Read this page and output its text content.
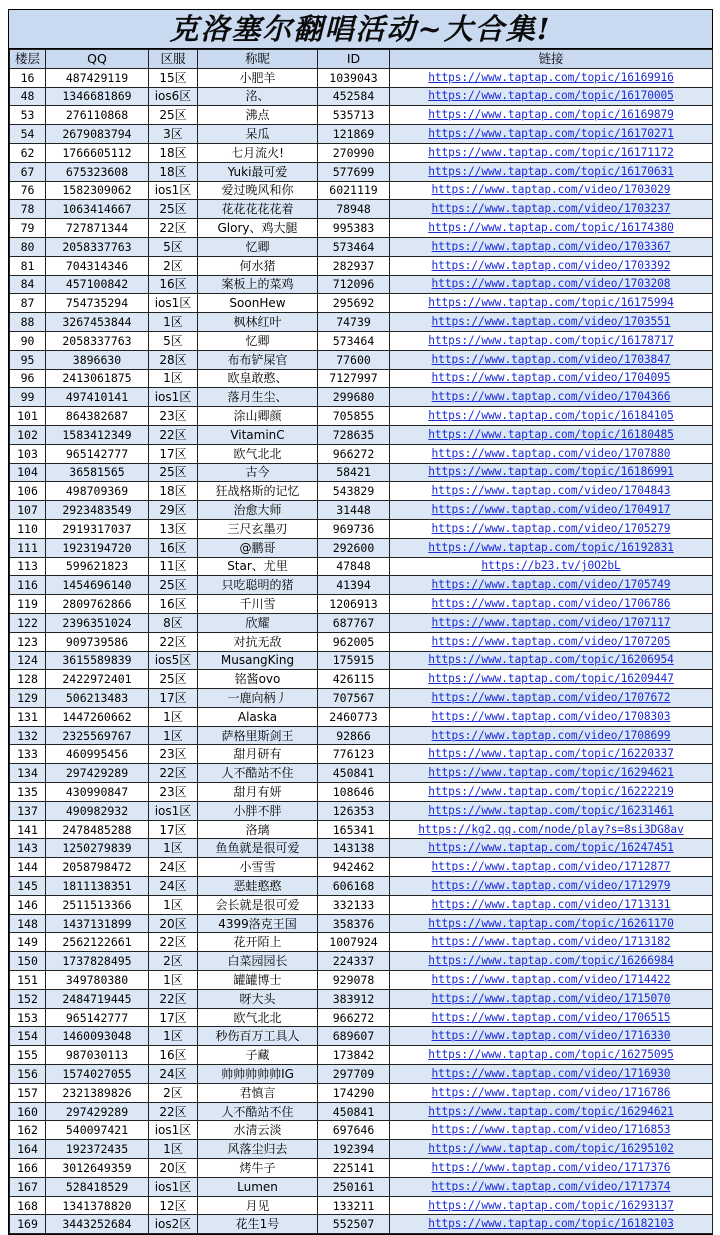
克洛塞尔翻唱活动~大合集!
楼层	QQ	区服	称昵	ID	链接
16	487429119	15区	小肥羊	1039043	https://www.taptap.com/topic/16169916
48	1346681869	ios6区	洺、	452584	https://www.taptap.com/topic/16170005
53	276110868	25区	沸点	535713	https://www.taptap.com/topic/16169879
54	2679083794	3区	呆瓜	121869	https://www.taptap.com/topic/16170271
62	1766605112	18区	七月流火!	270990	https://www.taptap.com/topic/16171172
67	675323608	18区	Yuki最可爱	577699	https://www.taptap.com/topic/16170631
76	1582309062	ios1区	爱过晚风和你	6021119	https://www.taptap.com/video/1703029
78	1063414667	25区	花花花花花着	78948	https://www.taptap.com/video/1703237
79	727871344	22区	Glory、鸡大腿	995383	https://www.taptap.com/topic/16174380
80	2058337763	5区	忆卿	573464	https://www.taptap.com/video/1703367
81	704314346	2区	何水猪	282937	https://www.taptap.com/video/1703392
84	457100842	16区	案板上的菜鸡	712096	https://www.taptap.com/video/1703208
87	754735294	ios1区	SoonHew	295692	https://www.taptap.com/topic/16175994
88	3267453844	1区	枫林红叶	74739	https://www.taptap.com/video/1703551
90	2058337763	5区	忆卿	573464	https://www.taptap.com/topic/16178717
95	3896630	28区	布布铲屎官	77600	https://www.taptap.com/video/1703847
96	2413061875	1区	欧皇敢憨、	7127997	https://www.taptap.com/video/1704095
99	497410141	ios1区	落月生尘、	299680	https://www.taptap.com/video/1704366
101	864382687	23区	涂山卿颜	705855	https://www.taptap.com/topic/16184105
102	1583412349	22区	VitaminC	728635	https://www.taptap.com/topic/16180485
103	965142777	17区	欧气北北	966272	https://www.taptap.com/video/1707880
104	36581565	25区	古今	58421	https://www.taptap.com/topic/16186991
106	498709369	18区	狂战格斯的记忆	543829	https://www.taptap.com/video/1704843
107	2923483549	29区	治愈大师	31448	https://www.taptap.com/video/1704917
110	2919317037	13区	三尺玄墨刃	969736	https://www.taptap.com/video/1705279
111	1923194720	16区	@鹏哥	292600	https://www.taptap.com/topic/16192831
113	599621823	11区	Star、尤里	47848	https://b23.tv/j0O2bL
116	1454696140	25区	只吃聪明的猪	41394	https://www.taptap.com/video/1705749
119	2809762866	16区	千川雪	1206913	https://www.taptap.com/video/1706786
122	2396351024	8区	欣耀	687767	https://www.taptap.com/video/1707117
123	909739586	22区	对抗无敌	962005	https://www.taptap.com/video/1707205
124	3615589839	ios5区	MusangKing	175915	https://www.taptap.com/topic/16206954
128	2422972401	25区	铭酱ovo	426115	https://www.taptap.com/topic/16209447
129	506213483	17区	一鹿向柄丿	707567	https://www.taptap.com/video/1707672
131	1447260662	1区	Alaska	2460773	https://www.taptap.com/video/1708303
132	2325569767	1区	萨格里斯剑王	92866	https://www.taptap.com/video/1708699
133	460995456	23区	甜月研有	776123	https://www.taptap.com/topic/16220337
134	297429289	22区	人不酷站不住	450841	https://www.taptap.com/topic/16294621
135	430990847	23区	甜月有妍	108646	https://www.taptap.com/topic/16222219
137	490982932	ios1区	小胖不胖	126353	https://www.taptap.com/topic/16231461
141	2478485288	17区	洛璃	165341	https://kg2.qq.com/node/play?s=8si3DG8av
143	1250279839	1区	鱼鱼就是很可爱	143138	https://www.taptap.com/topic/16247451
144	2058798472	24区	小雪雪	942462	https://www.taptap.com/video/1712877
145	1811138351	24区	恶蛙憨憨	606168	https://www.taptap.com/video/1712979
146	2511513366	1区	会长就是很可爱	332133	https://www.taptap.com/video/1713131
148	1437131899	20区	4399洛克王国	358376	https://www.taptap.com/topic/16261170
149	2562122661	22区	花开陌上	1007924	https://www.taptap.com/video/1713182
150	1737828495	2区	白菜园园长	224337	https://www.taptap.com/topic/16266984
151	349780380	1区	罐罐博士	929078	https://www.taptap.com/video/1714422
152	2484719445	22区	呀大头	383912	https://www.taptap.com/video/1715070
153	965142777	17区	欧气北北	966272	https://www.taptap.com/video/1706515
154	1460093048	1区	秒伤百万工具人	689607	https://www.taptap.com/video/1716330
155	987030113	16区	子藏	173842	https://www.taptap.com/topic/16275095
156	1574027055	24区	帅帅帅帅帅IG	297709	https://www.taptap.com/video/1716930
157	2321389826	2区	君慎言	174290	https://www.taptap.com/video/1716786
160	297429289	22区	人不酷站不住	450841	https://www.taptap.com/topic/16294621
162	540097421	ios1区	水清云淡	697646	https://www.taptap.com/video/1716853
164	192372435	1区	风落尘归去	192394	https://www.taptap.com/topic/16295102
166	3012649359	20区	烤牛子	225141	https://www.taptap.com/video/1717376
167	528418529	ios1区	Lumen	250161	https://www.taptap.com/video/1717374
168	1341378820	12区	月见	133211	https://www.taptap.com/topic/16293137
169	3443252684	ios2区	花生1号	552507	https://www.taptap.com/topic/16182103
